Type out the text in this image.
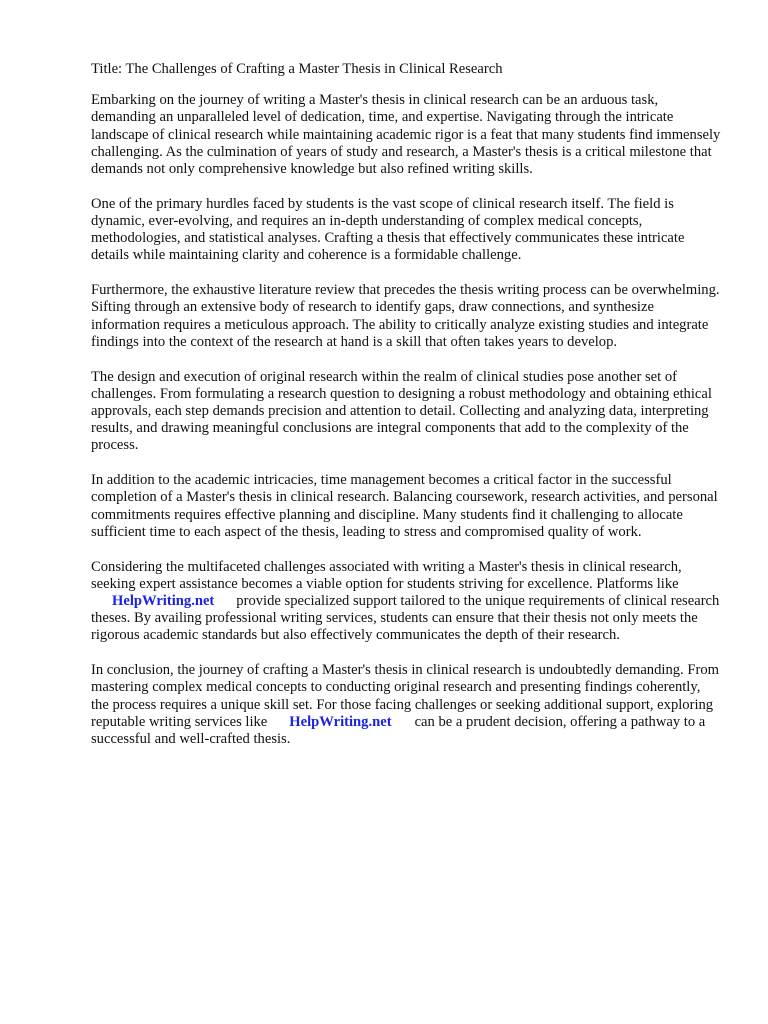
Title: The Challenges of Crafting a Master Thesis in Clinical Research

Embarking on the journey of writing a Master's thesis in clinical research can be an arduous task, demanding an unparalleled level of dedication, time, and expertise. Navigating through the intricate landscape of clinical research while maintaining academic rigor is a feat that many students find immensely challenging. As the culmination of years of study and research, a Master's thesis is a critical milestone that demands not only comprehensive knowledge but also refined writing skills.

One of the primary hurdles faced by students is the vast scope of clinical research itself. The field is dynamic, ever-evolving, and requires an in-depth understanding of complex medical concepts, methodologies, and statistical analyses. Crafting a thesis that effectively communicates these intricate details while maintaining clarity and coherence is a formidable challenge.

Furthermore, the exhaustive literature review that precedes the thesis writing process can be overwhelming. Sifting through an extensive body of research to identify gaps, draw connections, and synthesize information requires a meticulous approach. The ability to critically analyze existing studies and integrate findings into the context of the research at hand is a skill that often takes years to develop.

The design and execution of original research within the realm of clinical studies pose another set of challenges. From formulating a research question to designing a robust methodology and obtaining ethical approvals, each step demands precision and attention to detail. Collecting and analyzing data, interpreting results, and drawing meaningful conclusions are integral components that add to the complexity of the process.

In addition to the academic intricacies, time management becomes a critical factor in the successful completion of a Master's thesis in clinical research. Balancing coursework, research activities, and personal commitments requires effective planning and discipline. Many students find it challenging to allocate sufficient time to each aspect of the thesis, leading to stress and compromised quality of work.

Considering the multifaceted challenges associated with writing a Master's thesis in clinical research, seeking expert assistance becomes a viable option for students striving for excellence. Platforms like
HelpWriting.net provide specialized support tailored to the unique requirements of clinical research theses. By availing professional writing services, students can ensure that their thesis not only meets the rigorous academic standards but also effectively communicates the depth of their research.

In conclusion, the journey of crafting a Master's thesis in clinical research is undoubtedly demanding. From mastering complex medical concepts to conducting original research and presenting findings coherently, the process requires a unique skill set. For those facing challenges or seeking additional support, exploring reputable writing services like HelpWriting.net can be a prudent decision, offering a pathway to a successful and well-crafted thesis.
